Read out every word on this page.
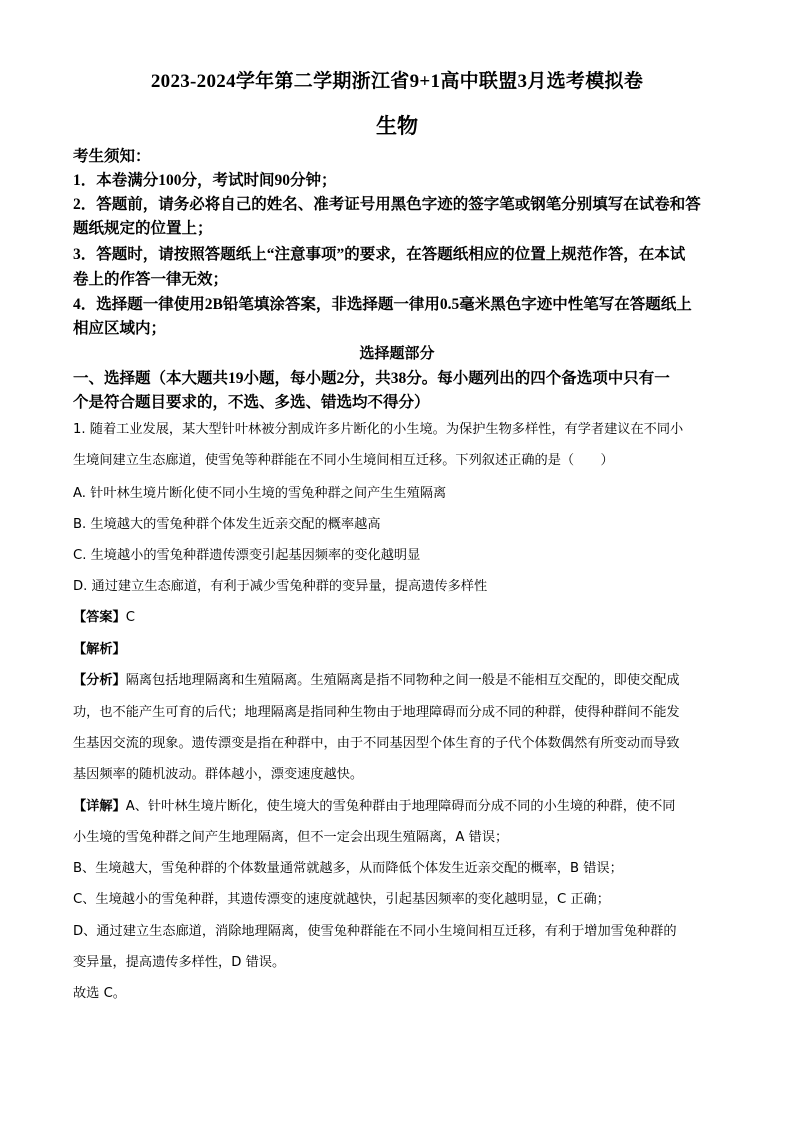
2023-2024学年第二学期浙江省9+1高中联盟3月选考模拟卷
生物
考生须知：
1．本卷满分100分，考试时间90分钟；
2．答题前，请务必将自己的姓名、准考证号用黑色字迹的签字笔或钢笔分别填写在试卷和答
题纸规定的位置上；
3．答题时，请按照答题纸上“注意事项”的要求，在答题纸相应的位置上规范作答，在本试
卷上的作答一律无效；
4．选择题一律使用2B铅笔填涂答案，非选择题一律用0.5毫米黑色字迹中性笔写在答题纸上
相应区域内；
选择题部分
一、选择题（本大题共19小题，每小题2分，共38分。每小题列出的四个备选项中只有一
个是符合题目要求的，不选、多选、错选均不得分）
1. 随着工业发展，某大型针叶林被分割成许多片断化的小生境。为保护生物多样性，有学者建议在不同小
生境间建立生态廊道，使雪兔等种群能在不同小生境间相互迁移。下列叙述正确的是（　　）
A. 针叶林生境片断化使不同小生境的雪兔种群之间产生生殖隔离
B. 生境越大的雪兔种群个体发生近亲交配的概率越高
C. 生境越小的雪兔种群遗传漂变引起基因频率的变化越明显
D. 通过建立生态廊道，有利于减少雪兔种群的变异量，提高遗传多样性
【答案】C
【解析】
【分析】隔离包括地理隔离和生殖隔离。生殖隔离是指不同物种之间一般是不能相互交配的，即使交配成
功，也不能产生可育的后代；地理隔离是指同种生物由于地理障碍而分成不同的种群，使得种群间不能发
生基因交流的现象。遗传漂变是指在种群中，由于不同基因型个体生育的子代个体数偶然有所变动而导致
基因频率的随机波动。群体越小，漂变速度越快。
【详解】A、针叶林生境片断化，使生境大的雪兔种群由于地理障碍而分成不同的小生境的种群，使不同
小生境的雪兔种群之间产生地理隔离，但不一定会出现生殖隔离，A 错误；
B、生境越大，雪兔种群的个体数量通常就越多，从而降低个体发生近亲交配的概率，B 错误；
C、生境越小的雪兔种群，其遗传漂变的速度就越快，引起基因频率的变化越明显，C 正确；
D、通过建立生态廊道，消除地理隔离，使雪兔种群能在不同小生境间相互迁移，有利于增加雪兔种群的
变异量，提高遗传多样性，D 错误。
故选 C。
